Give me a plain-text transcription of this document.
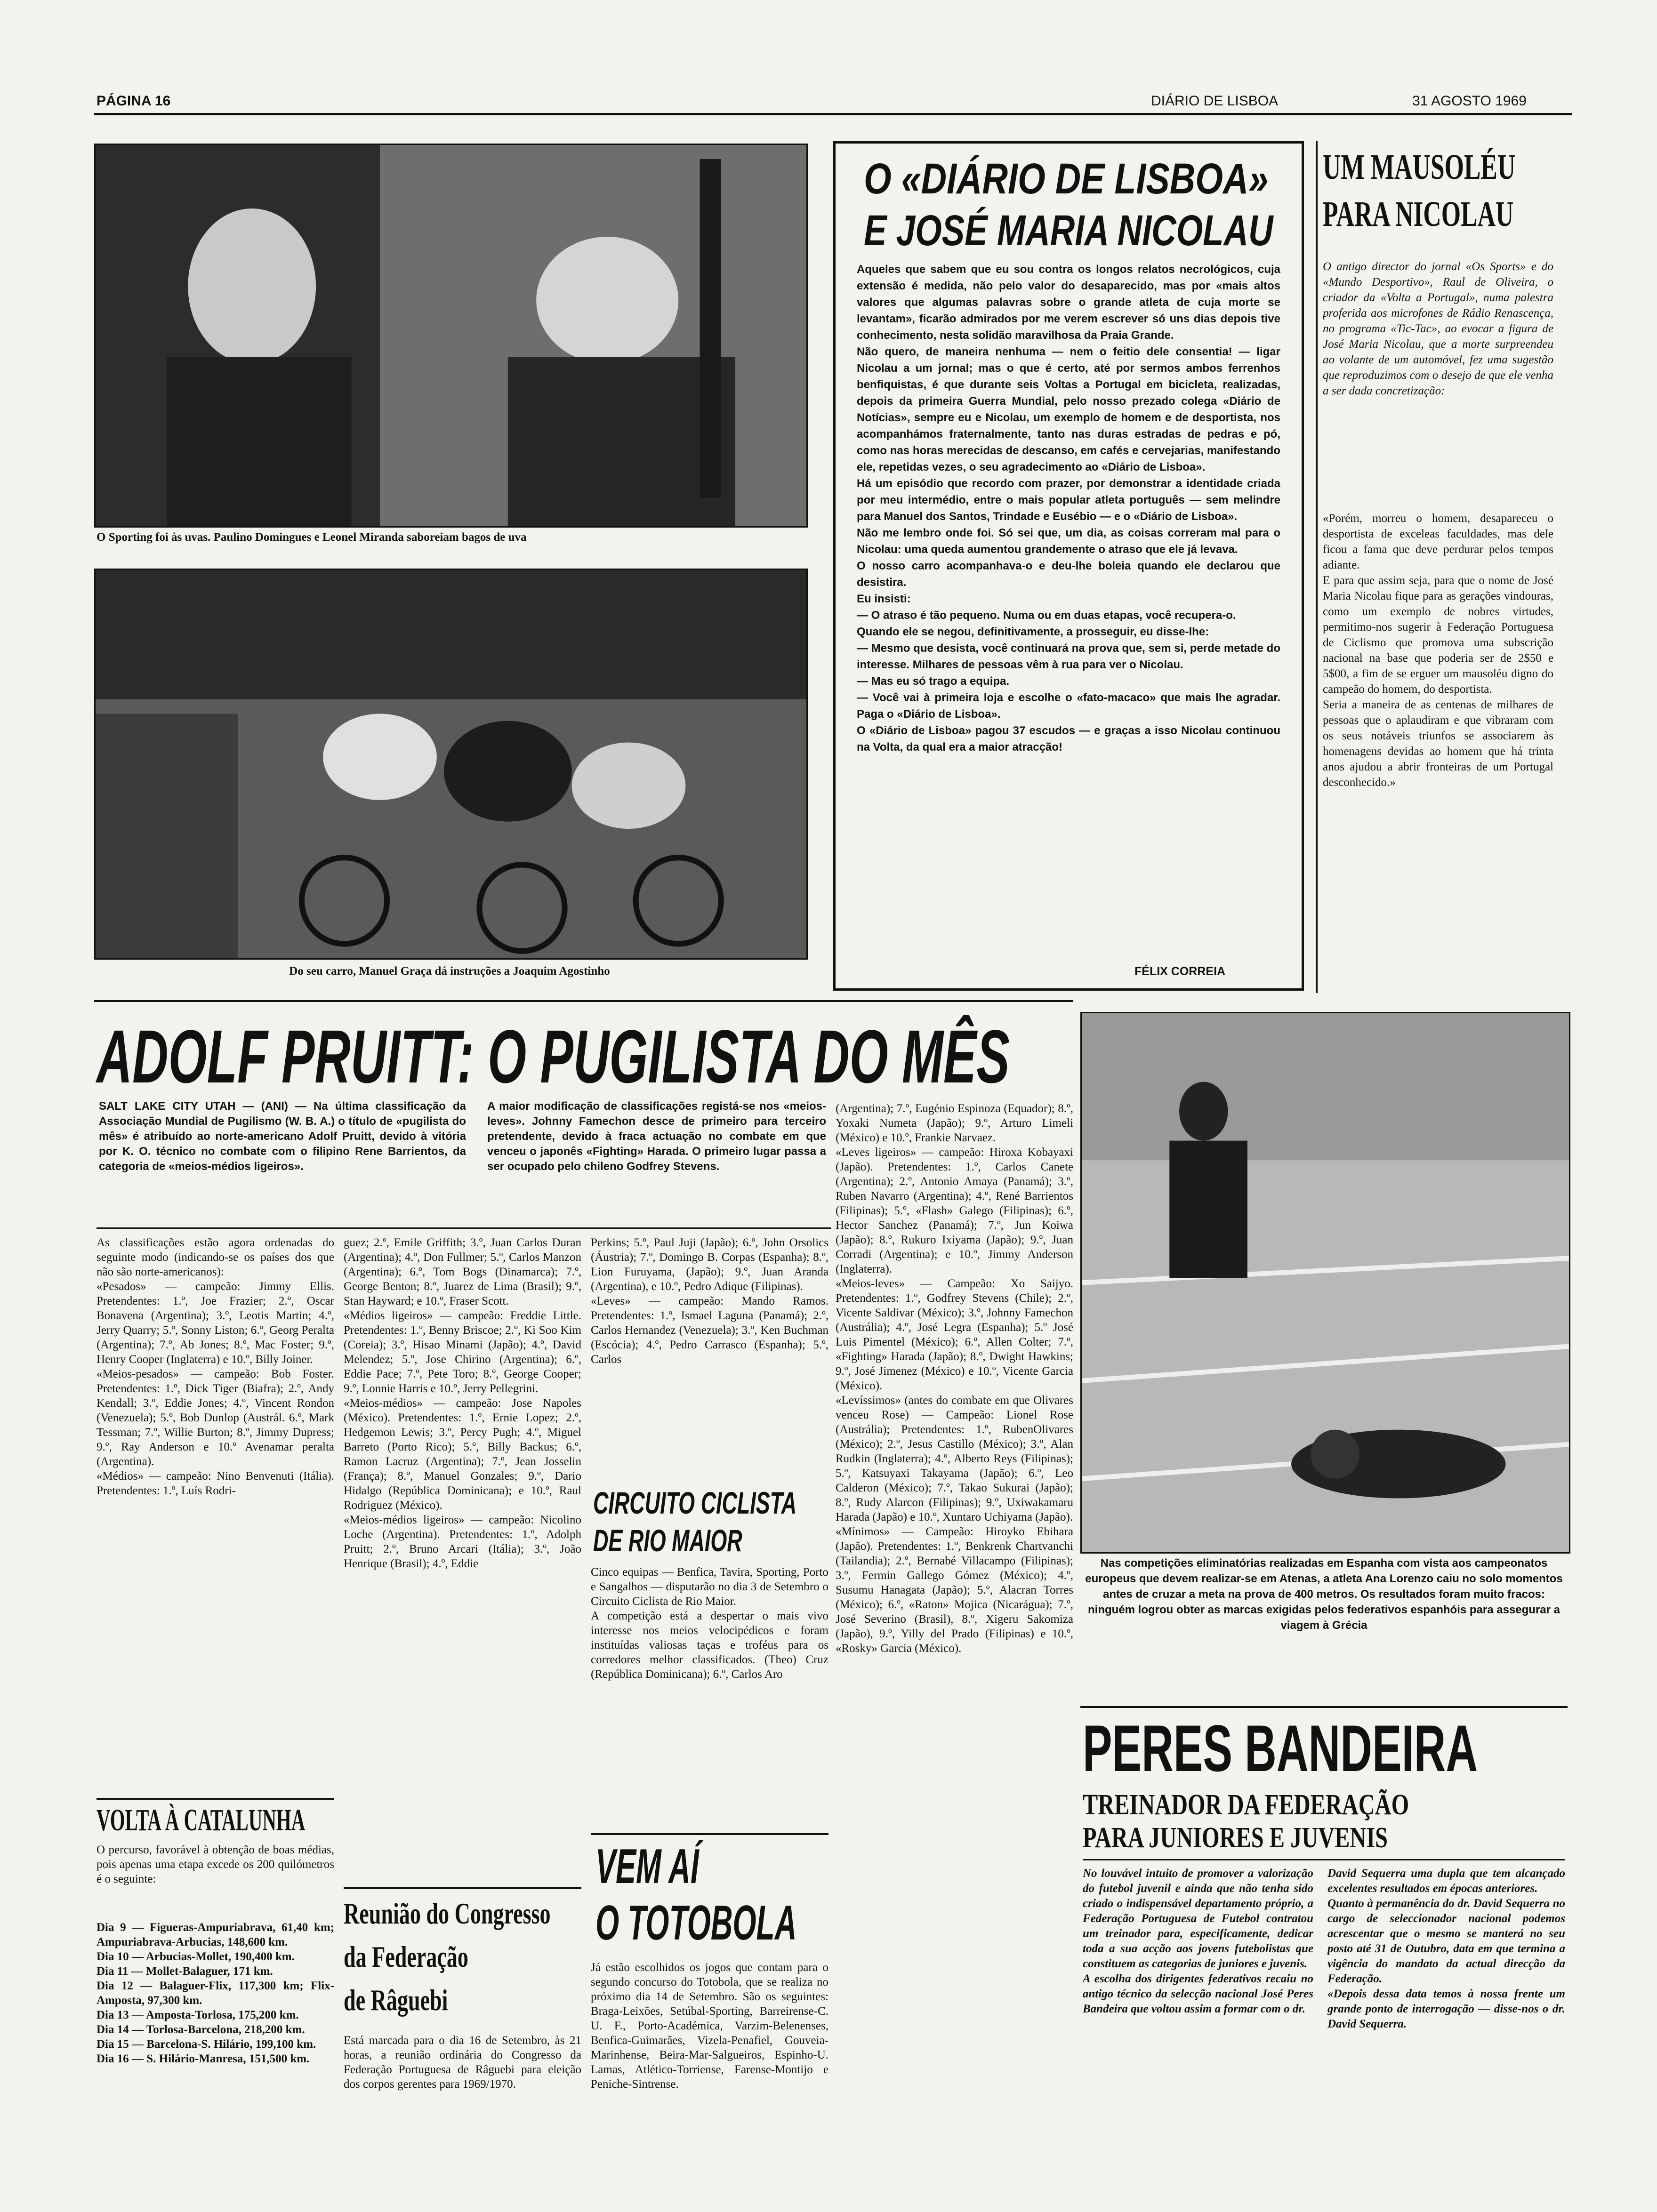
PÁGINA 16	DIÁRIO DE LISBOA	31 AGOSTO 1969
O Sporting foi às uvas. Paulino Domingues e Leonel Miranda saboreiam bagos de uva
Do seu carro, Manuel Graça dá instruções a Joaquim Agostinho
O «DIÁRIO DE LISBOA»
E JOSÉ MARIA NICOLAU

Aqueles que sabem que eu sou contra os longos relatos necrológicos, cuja extensão é medida, não pelo valor do desaparecido, mas por «mais altos valores que algumas palavras sobre o grande atleta de cuja morte se levantam», ficarão admirados por me verem escrever só uns dias depois tive conhecimento, nesta solidão maravilhosa da Praia Grande.
Não quero, de maneira nenhuma — nem o feitio dele consentia! — ligar Nicolau a um jornal; mas o que é certo, até por sermos ambos ferrenhos benfiquistas, é que durante seis Voltas a Portugal em bicicleta, realizadas, depois da primeira Guerra Mundial, pelo nosso prezado colega «Diário de Notícias», sempre eu e Nicolau, um exemplo de homem e de desportista, nos acompanhámos fraternalmente, tanto nas duras estradas de pedras e pó, como nas horas merecidas de descanso, em cafés e cervejarias, manifestando ele, repetidas vezes, o seu agradecimento ao «Diário de Lisboa».
Há um episódio que recordo com prazer, por demonstrar a identidade criada por meu intermédio, entre o mais popular atleta português — sem melindre para Manuel dos Santos, Trindade e Eusébio — e o «Diário de Lisboa».
Não me lembro onde foi. Só sei que, um dia, as coisas correram mal para o Nicolau: uma queda aumentou grandemente o atraso que ele já levava.
O nosso carro acompanhava-o e deu-lhe boleia quando ele declarou que desistira.
Eu insisti:
— O atraso é tão pequeno. Numa ou em duas etapas, você recupera-o.
Quando ele se negou, definitivamente, a prosseguir, eu disse-lhe:
— Mesmo que desista, você continuará na prova que, sem si, perde metade do interesse. Milhares de pessoas vêm à rua para ver o Nicolau.
— Mas eu só trago a equipa.
— Você vai à primeira loja e escolhe o «fato-macaco» que mais lhe agradar. Paga o «Diário de Lisboa».
O «Diário de Lisboa» pagou 37 escudos — e graças a isso Nicolau continuou na Volta, da qual era a maior atracção!

FÉLIX CORREIA
UM MAUSOLÉU
PARA NICOLAU

O antigo director do jornal «Os Sports» e do «Mundo Desportivo», Raul de Oliveira, o criador da «Volta a Portugal», numa palestra proferida aos microfones de Rádio Renascença, no programa «Tic-Tac», ao evocar a figura de José Maria Nicolau, que a morte surpreendeu ao volante de um automóvel, fez uma sugestão que reproduzimos com o desejo de que ele venha a ser dada concretização:

«Porém, morreu o homem, desapareceu o desportista de exceleas faculdades, mas dele ficou a fama que deve perdurar pelos tempos adiante.
E para que assim seja, para que o nome de José Maria Nicolau fique para as gerações vindouras, como um exemplo de nobres virtudes, permitimo-nos sugerir à Federação Portuguesa de Ciclismo que promova uma subscrição nacional na base que poderia ser de 2$50 e 5$00, a fim de se erguer um mausoléu digno do campeão do homem, do desportista.
Seria a maneira de as centenas de milhares de pessoas que o aplaudiram e que vibraram com os seus notáveis triunfos se associarem às homenagens devidas ao homem que há trinta anos ajudou a abrir fronteiras de um Portugal desconhecido.»

ADOLF PRUITT: O PUGILISTA DO MÊS

SALT LAKE CITY UTAH — (ANI) — Na última classificação da Associação Mundial de Pugilismo (W. B. A.) o título de «pugilista do mês» é atribuído ao norte-americano Adolf Pruitt, devido à vitória por K. O. técnico no combate com o filipino Rene Barrientos, da categoria de «meios-médios ligeiros».

A maior modificação de classificações registá-se nos «meios-leves». Johnny Famechon desce de primeiro para terceiro pretendente, devido à fraca actuação no combate em que venceu o japonês «Fighting» Harada. O primeiro lugar passa a ser ocupado pelo chileno Godfrey Stevens.

As classificações estão agora ordenadas do seguinte modo (indicando-se os países dos que não são norte-americanos):
«Pesados» — campeão: Jimmy Ellis. Pretendentes: 1.º, Joe Frazier; 2.º, Oscar Bonavena (Argentina); 3.º, Leotis Martin; 4.º, Jerry Quarry; 5.º, Sonny Liston; 6.º, Georg Peralta (Argentina); 7.º, Ab Jones; 8.º, Mac Foster; 9.º, Henry Cooper (Inglaterra) e 10.º, Billy Joiner.
«Meios-pesados» — campeão: Bob Foster. Pretendentes: 1.º, Dick Tiger (Biafra); 2.º, Andy Kendall; 3.º, Eddie Jones; 4.º, Vincent Rondon (Venezuela); 5.º, Bob Dunlop (Austrál. 6.º, Mark Tessman; 7.º, Willie Burton; 8.º, Jimmy Dupress; 9.º, Ray Anderson e 10.º Avenamar peralta (Argentina).
«Médios» — campeão: Nino Benvenuti (Itália). Pretendentes: 1.º, Luís Rodri-

guez; 2.º, Emile Griffith; 3.º, Juan Carlos Duran (Argentina); 4.º, Don Fullmer; 5.º, Carlos Manzon (Argentina); 6.º, Tom Bogs (Dinamarca); 7.º, George Benton; 8.º, Juarez de Lima (Brasil); 9.º, Stan Hayward; e 10.º, Fraser Scott.
«Médios ligeiros» — campeão: Freddie Little. Pretendentes: 1.º, Benny Briscoe; 2.º, Ki Soo Kim (Coreia); 3.º, Hisao Minami (Japão); 4.º, David Melendez; 5.º, Jose Chirino (Argentina); 6.º, Eddie Pace; 7.º, Pete Toro; 8.º, George Cooper; 9.º, Lonnie Harris e 10.º, Jerry Pellegrini.
«Meios-médios» — campeão: Jose Napoles (México). Pretendentes: 1.º, Ernie Lopez; 2.º, Hedgemon Lewis; 3.º, Percy Pugh; 4.º, Miguel Barreto (Porto Rico); 5.º, Billy Backus; 6.º, Ramon Lacruz (Argentina); 7.º, Jean Josselin (França); 8.º, Manuel Gonzales; 9.º, Dario Hidalgo (República Dominicana); e 10.º, Raul Rodriguez (México).
«Meios-médios ligeiros» — campeão: Nicolino Loche (Argentina). Pretendentes: 1.º, Adolph Pruitt; 2.º, Bruno Arcari (Itália); 3.º, João Henrique (Brasil); 4.º, Eddie

Perkins; 5.º, Paul Juji (Japão); 6.º, John Orsolics (Áustria); 7.º, Domingo B. Corpas (Espanha); 8.º, Lion Furuyama, (Japão); 9.º, Juan Aranda (Argentina), e 10.º, Pedro Adique (Filipinas).
«Leves» — campeão: Mando Ramos. Pretendentes: 1.º, Ismael Laguna (Panamá); 2.º, Carlos Hernandez (Venezuela); 3.º, Ken Buchman (Escócia); 4.º, Pedro Carrasco (Espanha); 5.º, Carlos

(Argentina); 7.º, Eugénio Espinoza (Equador); 8.º, Yoxaki Numeta (Japão); 9.º, Arturo Limeli (México) e 10.º, Frankie Narvaez.
«Leves ligeiros» — campeão: Hiroxa Kobayaxi (Japão). Pretendentes: 1.º, Carlos Canete (Argentina); 2.º, Antonio Amaya (Panamá); 3.º, Ruben Navarro (Argentina); 4.º, René Barrientos (Filipinas); 5.º, «Flash» Galego (Filipinas); 6.º, Hector Sanchez (Panamá); 7.º, Jun Koiwa (Japão); 8.º, Rukuro Ixiyama (Japão); 9.º, Juan Corradi (Argentina); e 10.º, Jimmy Anderson (Inglaterra).
«Meios-leves» — Campeão: Xo Saijyo. Pretendentes: 1.º, Godfrey Stevens (Chile); 2.º, Vicente Saldivar (México); 3.º, Johnny Famechon (Austrália); 4.º, José Legra (Espanha); 5.º José Luis Pimentel (México); 6.º, Allen Colter; 7.º, «Fighting» Harada (Japão); 8.º, Dwight Hawkins; 9.º, José Jimenez (México) e 10.º, Vicente Garcia (México).
«Levíssimos» (antes do combate em que Olivares venceu Rose) — Campeão: Lionel Rose (Austrália); Pretendentes: 1.º, RubenOlivares (México); 2.º, Jesus Castillo (México); 3.º, Alan Rudkin (Inglaterra); 4.º, Alberto Reys (Filipinas); 5.º, Katsuyaxi Takayama (Japão); 6.º, Leo Calderon (México); 7.º, Takao Sukurai (Japão); 8.º, Rudy Alarcon (Filipinas); 9.º, Uxiwakamaru Harada (Japão) e 10.º, Xuntaro Uchiyama (Japão).
«Mínimos» — Campeão: Hiroyko Ebihara (Japão). Pretendentes: 1.º, Benkrenk Chartvanchi (Tailandia); 2.º, Bernabé Villacampo (Filipinas); 3.º, Fermin Gallego Gómez (México); 4.º, Susumu Hanagata (Japão); 5.º, Alacran Torres (México); 6.º, «Raton» Mojica (Nicarágua); 7.º, José Severino (Brasil), 8.º, Xigeru Sakomiza (Japão), 9.º, Yilly del Prado (Filipinas) e 10.º, «Rosky» Garcia (México).

VOLTA À CATALUNHA

O percurso, favorável à obtenção de boas médias, pois apenas uma etapa excede os 200 quilómetros é o seguinte:

Dia 9 — Figueras-Ampuriabrava, 61,40 km; Ampuriabrava-Arbucias, 148,600 km.
Dia 10 — Arbucias-Mollet, 190,400 km.
Dia 11 — Mollet-Balaguer, 171 km.
Dia 12 — Balaguer-Flix, 117,300 km; Flix-Amposta, 97,300 km.
Dia 13 — Amposta-Torlosa, 175,200 km.
Dia 14 — Torlosa-Barcelona, 218,200 km.
Dia 15 — Barcelona-S. Hilário, 199,100 km.
Dia 16 — S. Hilário-Manresa, 151,500 km.
Reunião do Congresso
da Federação
de Râguebi

Está marcada para o dia 16 de Setembro, às 21 horas, a reunião ordinária do Congresso da Federação Portuguesa de Râguebi para eleição dos corpos gerentes para 1969/1970.

CIRCUITO CICLISTA
DE RIO MAIOR

Cinco equipas — Benfica, Tavira, Sporting, Porto e Sangalhos — disputarão no dia 3 de Setembro o Circuito Ciclista de Rio Maior.
A competição está a despertar o mais vivo interesse nos meios velocipédicos e foram instituídas valiosas taças e troféus para os corredores melhor classificados. (Theo) Cruz (República Dominicana); 6.º, Carlos Aro

VEM AÍ
O TOTOBOLA

Já estão escolhidos os jogos que contam para o segundo concurso do Totobola, que se realiza no próximo dia 14 de Setembro. São os seguintes: Braga-Leixões, Setúbal-Sporting, Barreirense-C. U. F., Porto-Académica, Varzim-Belenenses, Benfica-Guimarães, Vizela-Penafiel, Gouveia-Marinhense, Beira-Mar-Salgueiros, Espinho-U. Lamas, Atlético-Torriense, Farense-Montijo e Peniche-Sintrense.

Nas competições eliminatórias realizadas em Espanha com vista aos campeonatos europeus que devem realizar-se em Atenas, a atleta Ana Lorenzo caiu no solo momentos antes de cruzar a meta na prova de 400 metros. Os resultados foram muito fracos: ninguém logrou obter as marcas exigidas pelos federativos espanhóis para assegurar a viagem à Grécia

PERES BANDEIRA
TREINADOR DA FEDERAÇÃO
PARA JUNIORES E JUVENIS

No louvável intuito de promover a valorização do futebol juvenil e ainda que não tenha sido criado o indispensável departamento próprio, a Federação Portuguesa de Futebol contratou um treinador para, especificamente, dedicar toda a sua acção aos jovens futebolistas que constituem as categorias de juniores e juvenis.
A escolha dos dirigentes federativos recaiu no antigo técnico da selecção nacional José Peres Bandeira que voltou assim a formar com o dr.

David Sequerra uma dupla que tem alcançado excelentes resultados em épocas anteriores.
Quanto à permanência do dr. David Sequerra no cargo de seleccionador nacional podemos acrescentar que o mesmo se manterá no seu posto até 31 de Outubro, data em que termina a vigência do mandato da actual direcção da Federação.
«Depois dessa data temos à nossa frente um grande ponto de interrogação — disse-nos o dr. David Sequerra.
